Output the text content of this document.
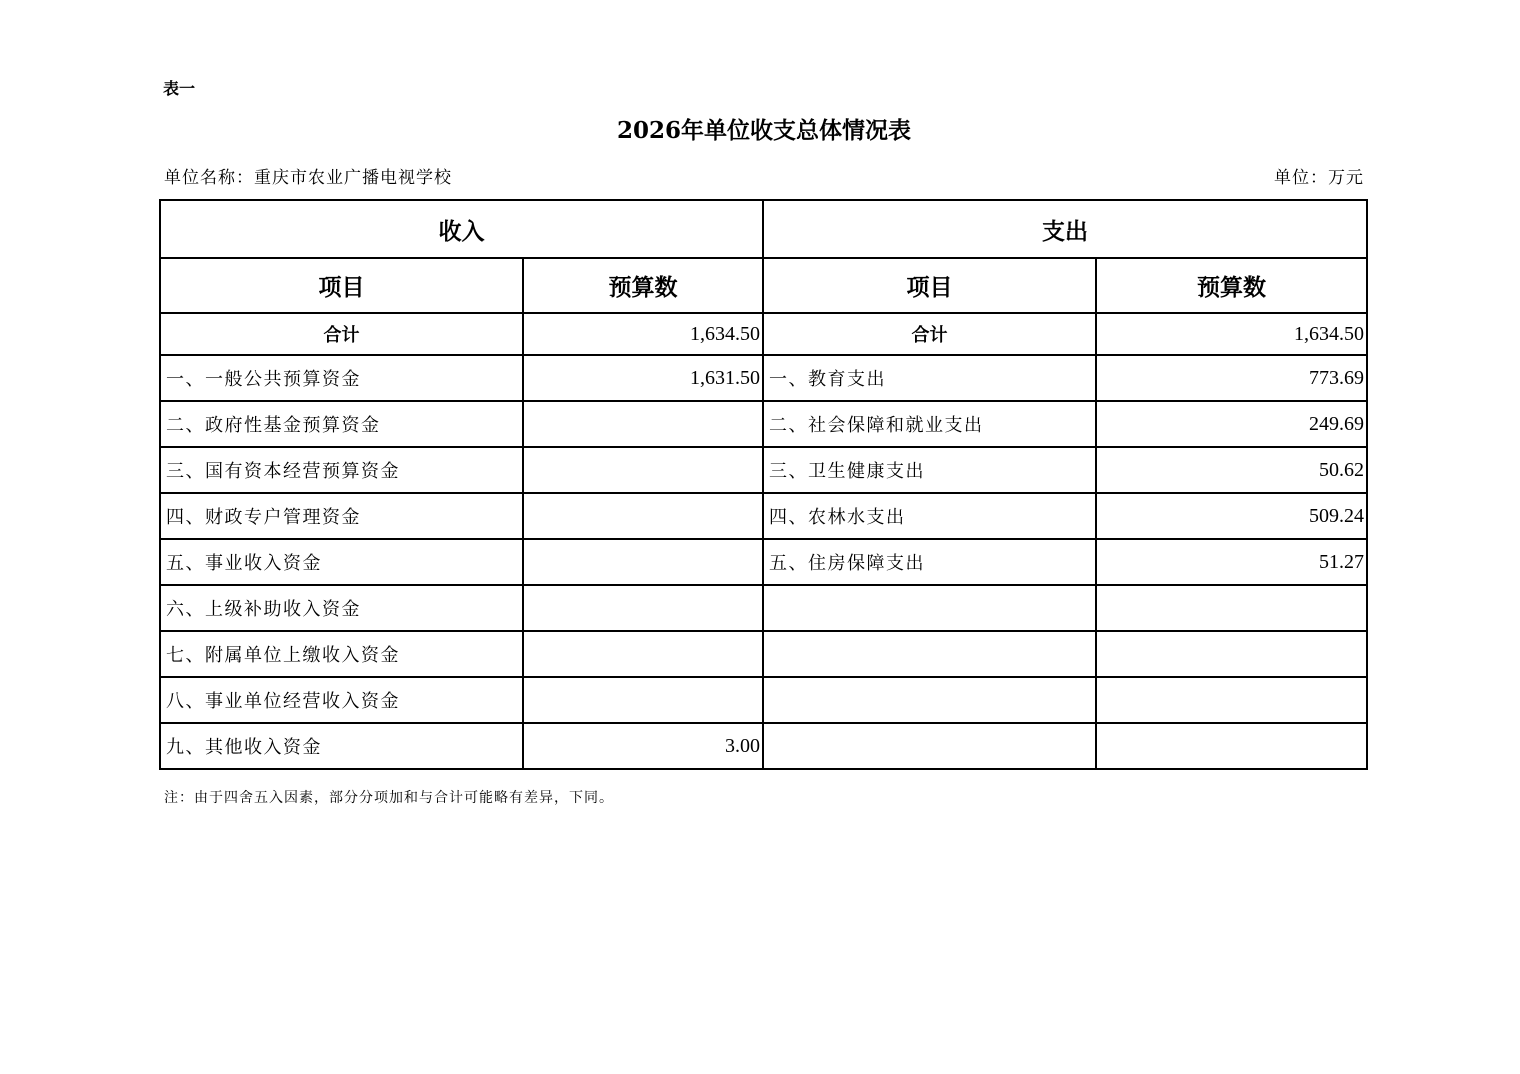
表一
2026年单位收支总体情况表
单位名称：重庆市农业广播电视学校	单位：万元
收入		支出	
项目	预算数	项目	预算数
合计	1,634.50	合计	1,634.50
一、一般公共预算资金	1,631.50	一、教育支出	773.69
二、政府性基金预算资金		二、社会保障和就业支出	249.69
三、国有资本经营预算资金		三、卫生健康支出	50.62
四、财政专户管理资金		四、农林水支出	509.24
五、事业收入资金		五、住房保障支出	51.27
六、上级补助收入资金			
七、附属单位上缴收入资金			
八、事业单位经营收入资金			
九、其他收入资金	3.00		
注：由于四舍五入因素，部分分项加和与合计可能略有差异，下同。
